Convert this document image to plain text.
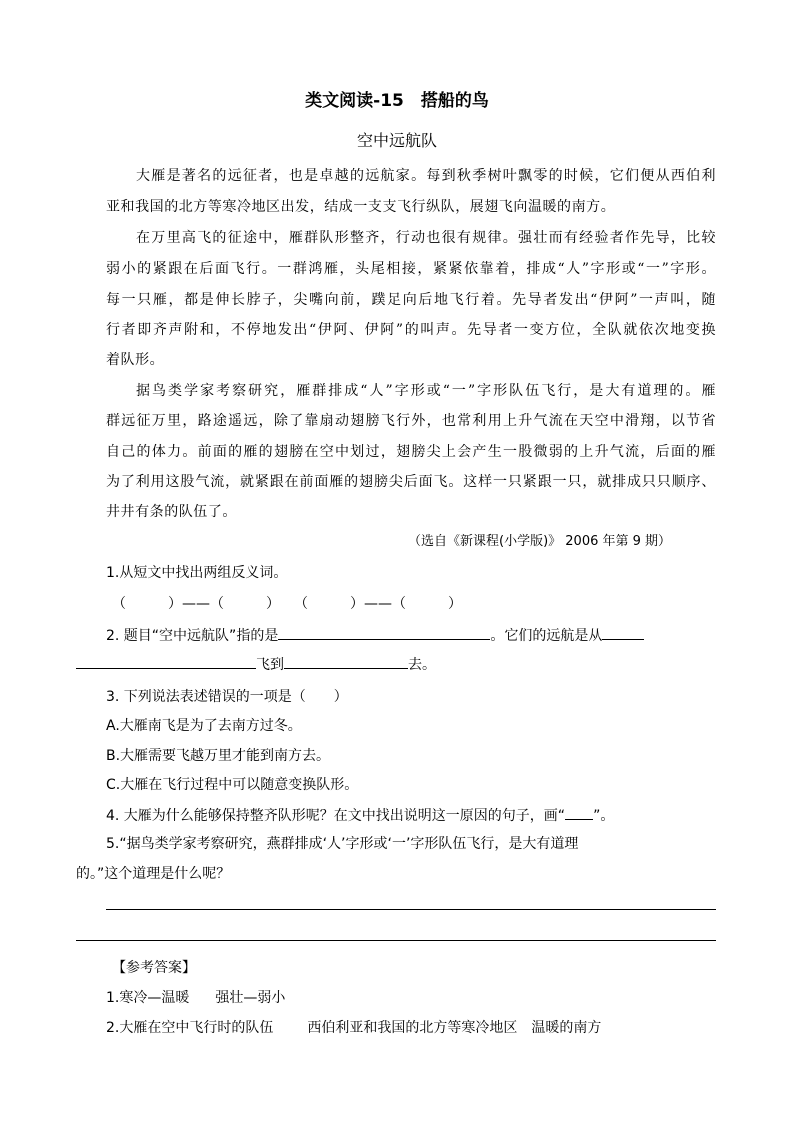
类文阅读-15　搭船的鸟
空中远航队
大雁是著名的远征者，也是卓越的远航家。每到秋季树叶飘零的时候，它们便从西伯利
亚和我国的北方等寒冷地区出发，结成一支支飞行纵队，展翅飞向温暖的南方。
在万里高飞的征途中，雁群队形整齐，行动也很有规律。强壮而有经验者作先导，比较
弱小的紧跟在后面飞行。一群鸿雁，头尾相接，紧紧依靠着，排成“人”字形或“一”字形。
每一只雁，都是伸长脖子，尖嘴向前，蹼足向后地飞行着。先导者发出“伊阿”一声叫，随
行者即齐声附和，不停地发出“伊阿、伊阿”的叫声。先导者一变方位，全队就依次地变换
着队形。
据鸟类学家考察研究，雁群排成“人”字形或“一”字形队伍飞行，是大有道理的。雁
群远征万里，路途遥远，除了靠扇动翅膀飞行外，也常利用上升气流在天空中滑翔，以节省
自己的体力。前面的雁的翅膀在空中划过，翅膀尖上会产生一股微弱的上升气流，后面的雁
为了利用这股气流，就紧跟在前面雁的翅膀尖后面飞。这样一只紧跟一只，就排成只只顺序、
井井有条的队伍了。
（选自《新课程(小学版)》 2006 年第 9 期）
1.从短文中找出两组反义词。
（　　　）——（　　　）　　（　　　）——（　　　）
2. 题目“空中远航队”指的是	。它们的远航是从
飞到	去。
3. 下列说法表述错误的一项是（　　）
A.大雁南飞是为了去南方过冬。
B.大雁需要飞越万里才能到南方去。
C.大雁在飞行过程中可以随意变换队形。
4. 大雁为什么能够保持整齐队形呢？在文中找出说明这一原因的句子，画“ ”。
5.“据鸟类学家考察研究，燕群排成‘人’字形或‘一’字形队伍飞行，是大有道理
的。”这个道理是什么呢？
【参考答案】
1.寒冷—温暖 强壮—弱小
2.大雁在空中飞行时的队伍 西伯利亚和我国的北方等寒冷地区 温暖的南方
